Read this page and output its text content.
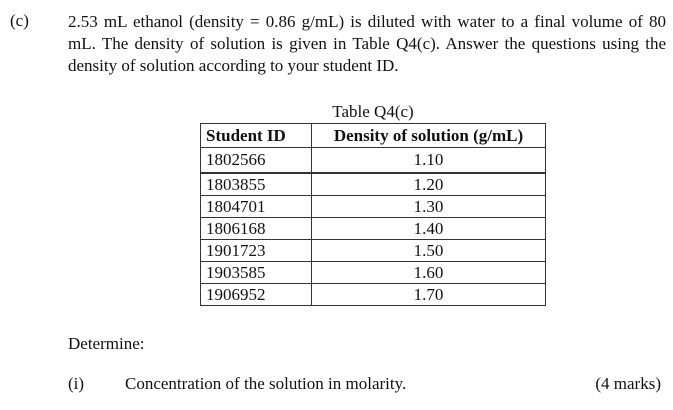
(c) 2.53 mL ethanol (density = 0.86 g/mL) is diluted with water to a final volume of 80 mL. The density of solution is given in Table Q4(c). Answer the questions using the density of solution according to your student ID.
Table Q4(c)
Student ID	Density of solution (g/mL)
1802566	1.10
1803855	1.20
1804701	1.30
1806168	1.40
1901723	1.50
1903585	1.60
1906952	1.70
Determine:
(i) Concentration of the solution in molarity.	(4 marks)
